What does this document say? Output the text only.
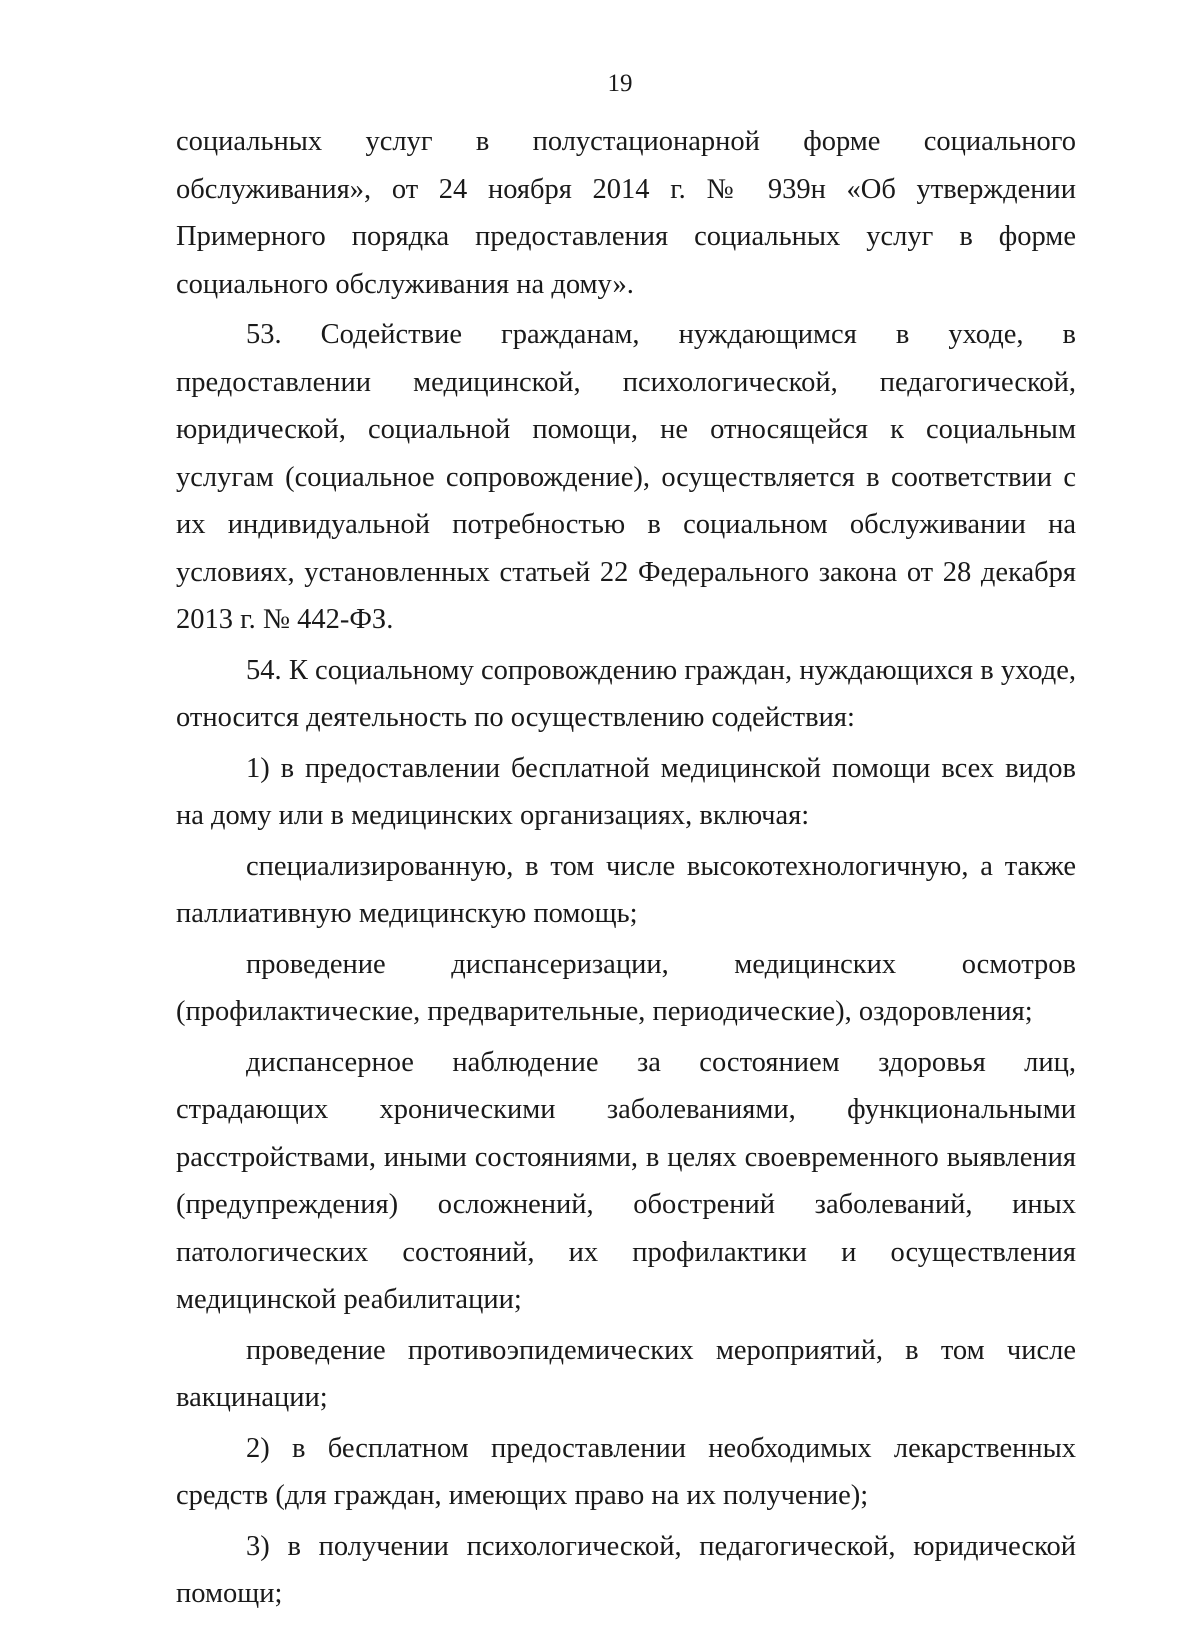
19

социальных услуг в полустационарной форме социального обслуживания», от 24 ноября 2014 г. № 939н «Об утверждении Примерного порядка предоставления социальных услуг в форме социального обслуживания на дому».

53. Содействие гражданам, нуждающимся в уходе, в предоставлении медицинской, психологической, педагогической, юридической, социальной помощи, не относящейся к социальным услугам (социальное сопровождение), осуществляется в соответствии с их индивидуальной потребностью в социальном обслуживании на условиях, установленных статьей 22 Федерального закона от 28 декабря 2013 г. № 442-ФЗ.

54. К социальному сопровождению граждан, нуждающихся в уходе, относится деятельность по осуществлению содействия:

1) в предоставлении бесплатной медицинской помощи всех видов на дому или в медицинских организациях, включая:

специализированную, в том числе высокотехнологичную, а также паллиативную медицинскую помощь;

проведение диспансеризации, медицинских осмотров (профилактические, предварительные, периодические), оздоровления;

диспансерное наблюдение за состоянием здоровья лиц, страдающих хроническими заболеваниями, функциональными расстройствами, иными состояниями, в целях своевременного выявления (предупреждения) осложнений, обострений заболеваний, иных патологических состояний, их профилактики и осуществления медицинской реабилитации;

проведение противоэпидемических мероприятий, в том числе вакцинации;

2) в бесплатном предоставлении необходимых лекарственных средств (для граждан, имеющих право на их получение);

3) в получении психологической, педагогической, юридической помощи;
